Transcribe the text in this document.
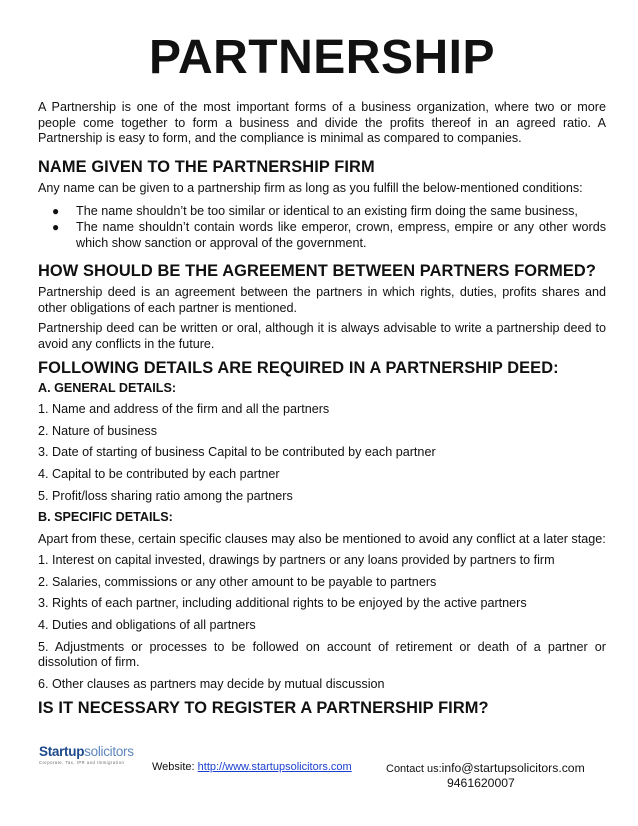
PARTNERSHIP

A Partnership is one of the most important forms of a business organization, where two or more people come together to form a business and divide the profits thereof in an agreed ratio. A Partnership is easy to form, and the compliance is minimal as compared to companies.

NAME GIVEN TO THE PARTNERSHIP FIRM

Any name can be given to a partnership firm as long as you fulfill the below-mentioned conditions:

● The name shouldn’t be too similar or identical to an existing firm doing the same business,
● The name shouldn’t contain words like emperor, crown, empress, empire or any other words which show sanction or approval of the government.
HOW SHOULD BE THE AGREEMENT BETWEEN PARTNERS FORMED?

Partnership deed is an agreement between the partners in which rights, duties, profits shares and other obligations of each partner is mentioned.

Partnership deed can be written or oral, although it is always advisable to write a partnership deed to avoid any conflicts in the future.

FOLLOWING DETAILS ARE REQUIRED IN A PARTNERSHIP DEED:

A. GENERAL DETAILS:

1. Name and address of the firm and all the partners

2. Nature of business

3. Date of starting of business Capital to be contributed by each partner

4. Capital to be contributed by each partner

5. Profit/loss sharing ratio among the partners

B. SPECIFIC DETAILS:

Apart from these, certain specific clauses may also be mentioned to avoid any conflict at a later stage:

1. Interest on capital invested, drawings by partners or any loans provided by partners to firm

2. Salaries, commissions or any other amount to be payable to partners

3. Rights of each partner, including additional rights to be enjoyed by the active partners

4. Duties and obligations of all partners

5. Adjustments or processes to be followed on account of retirement or death of a partner or dissolution of firm.

6. Other clauses as partners may decide by mutual discussion

IS IT NECESSARY TO REGISTER A PARTNERSHIP FIRM?
Startupsolicitors
Corporate, Tax, IPR and Immigration	Website: http://www.startupsolicitors.com	Contact us:info@startupsolicitors.com
9461620007
